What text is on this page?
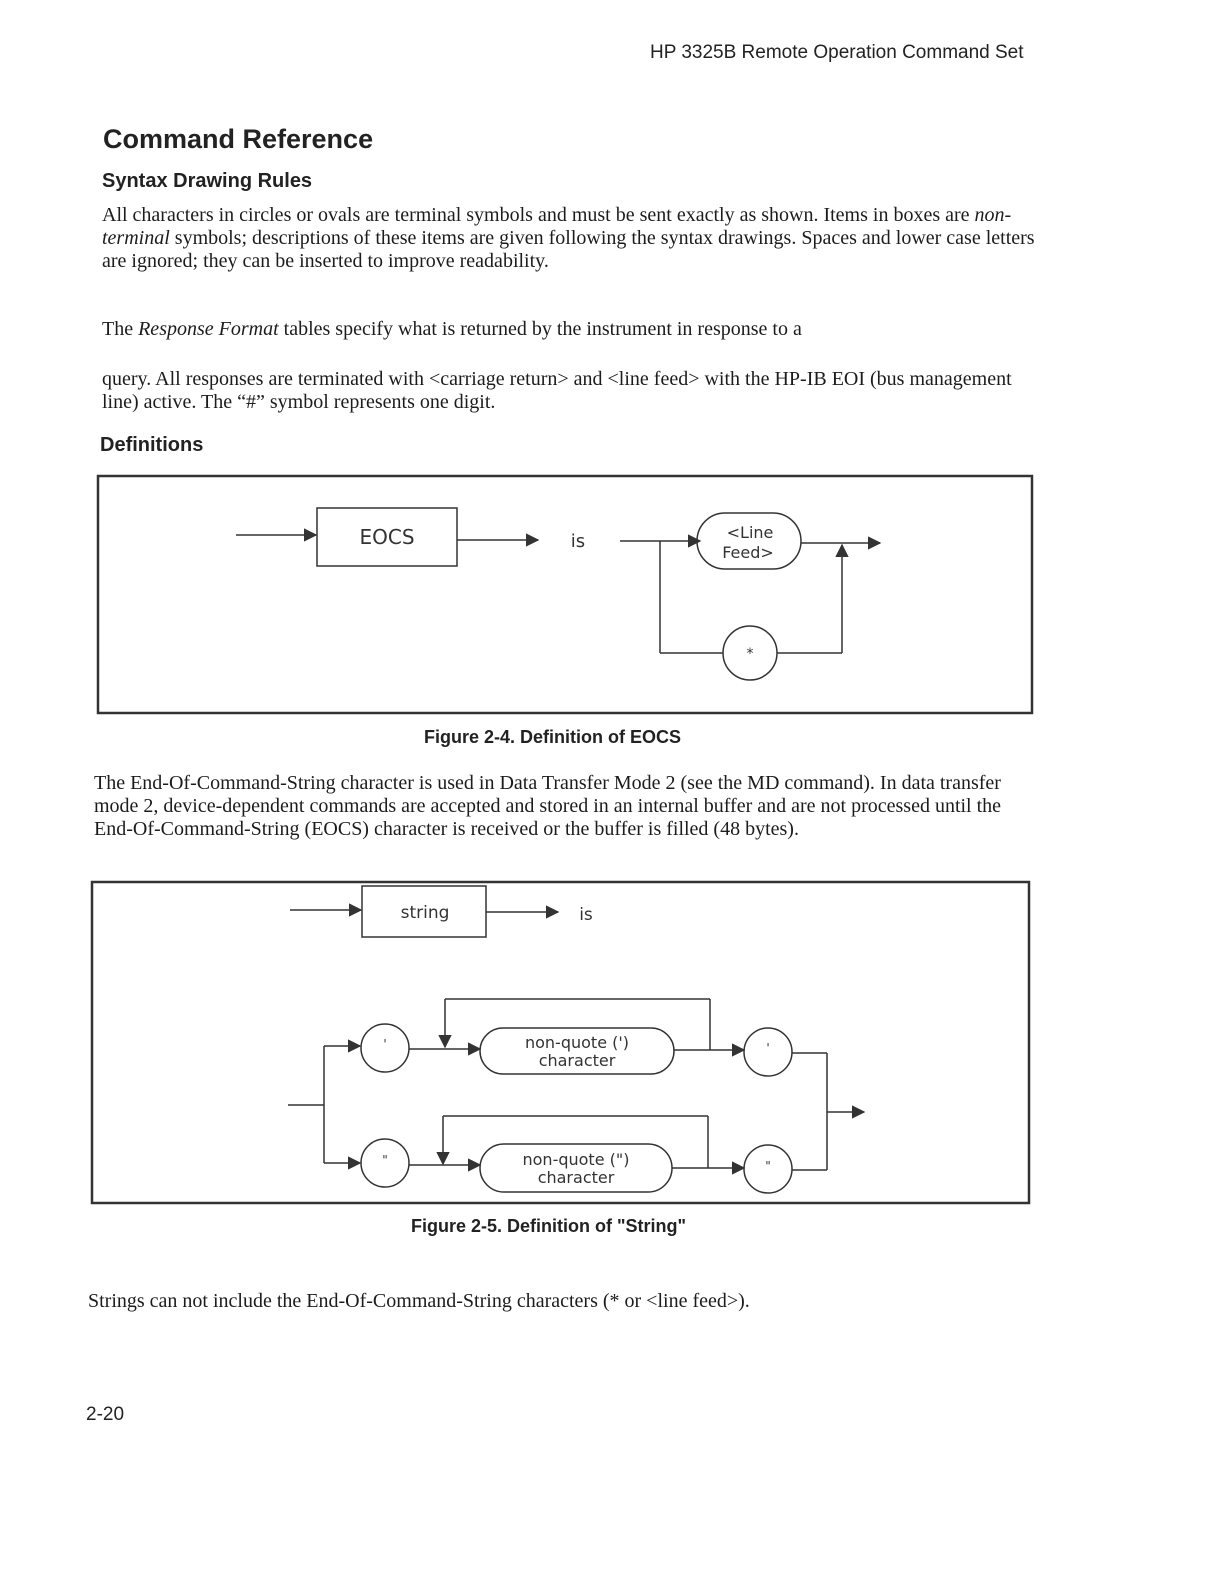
HP 3325B Remote Operation Command Set
Command Reference
Syntax Drawing Rules
All characters in circles or ovals are terminal symbols and must be sent exactly as shown. Items in boxes are non-terminal symbols; descriptions of these items are given following the syntax drawings. Spaces and lower case letters are ignored; they can be inserted to improve readability.
The Response Format tables specify what is returned by the instrument in response to a
query. All responses are terminated with <carriage return> and <line feed> with the HP-IB EOI (bus management line) active. The “#” symbol represents one digit.
Definitions
EOCS	is	<Line
Feed>
*
string	is
'	non-quote (')
character
'
"	non-quote (")
character
"
Figure 2-4. Definition of EOCS
The End-Of-Command-String character is used in Data Transfer Mode 2 (see the MD command). In data transfer mode 2, device-dependent commands are accepted and stored in an internal buffer and are not processed until the End-Of-Command-String (EOCS) character is received or the buffer is filled (48 bytes).
Figure 2-5. Definition of "String"
Strings can not include the End-Of-Command-String characters (* or <line feed>).
2-20
